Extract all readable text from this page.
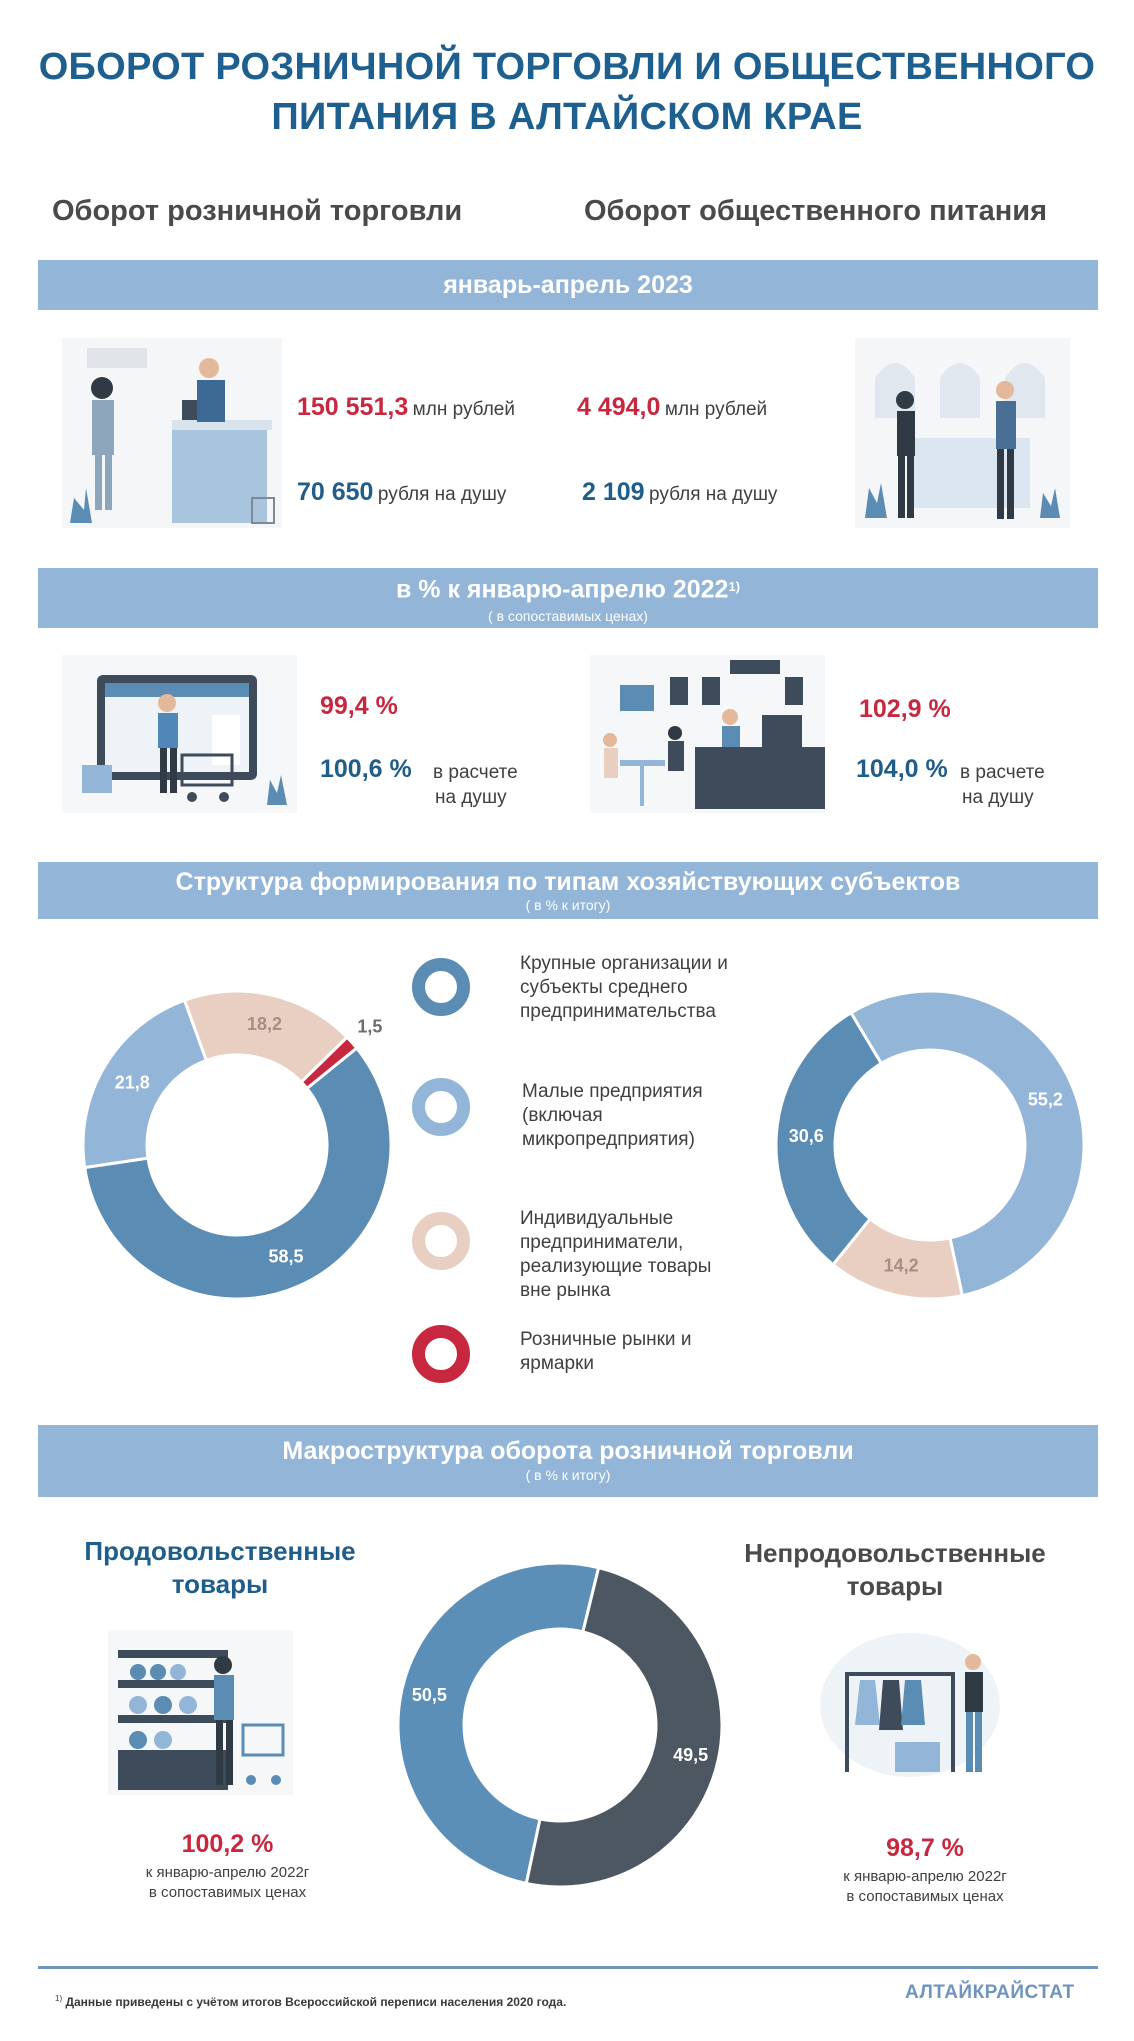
ОБОРОТ РОЗНИЧНОЙ ТОРГОВЛИ И ОБЩЕСТВЕННОГО
ПИТАНИЯ В АЛТАЙСКОМ КРАЕ
Оборот розничной торговли	Оборот общественного питания
январь-апрель 2023
150 551,3 млн рублей
70 650 рубля на душу
4 494,0 млн рублей
2 109 рубля на душу
в % к январю-апрелю 2022$^{1)}$
( в сопоставимых ценах)
99,4 %
100,6 % в расчете
на душу
102,9 %
104,0 % в расчете
на душу
Структура формирования по типам хозяйствующих субъектов
( в % к итогу)
58,5
21,8
18,2	1,5
Крупные организации и
субъекты среднего
предпринимательства
Малые предприятия
(включая
микропредприятия)
Индивидуальные
предприниматели,
реализующие товары
вне рынка
Розничные рынки и
ярмарки
30,6
55,2
14,2
Макроструктура оборота розничной торговли
( в % к итогу)
Продовольственные
товары
100,2 %
к январю-апрелю 2022г
в сопоставимых ценах
50,5
49,5
Непродовольственные
товары
98,7 %
к январю-апрелю 2022г
в сопоставимых ценах
$^{1)}$ Данные приведены с учётом итогов Всероссийской переписи населения 2020 года.	АЛТАЙКРАЙСТАТ
